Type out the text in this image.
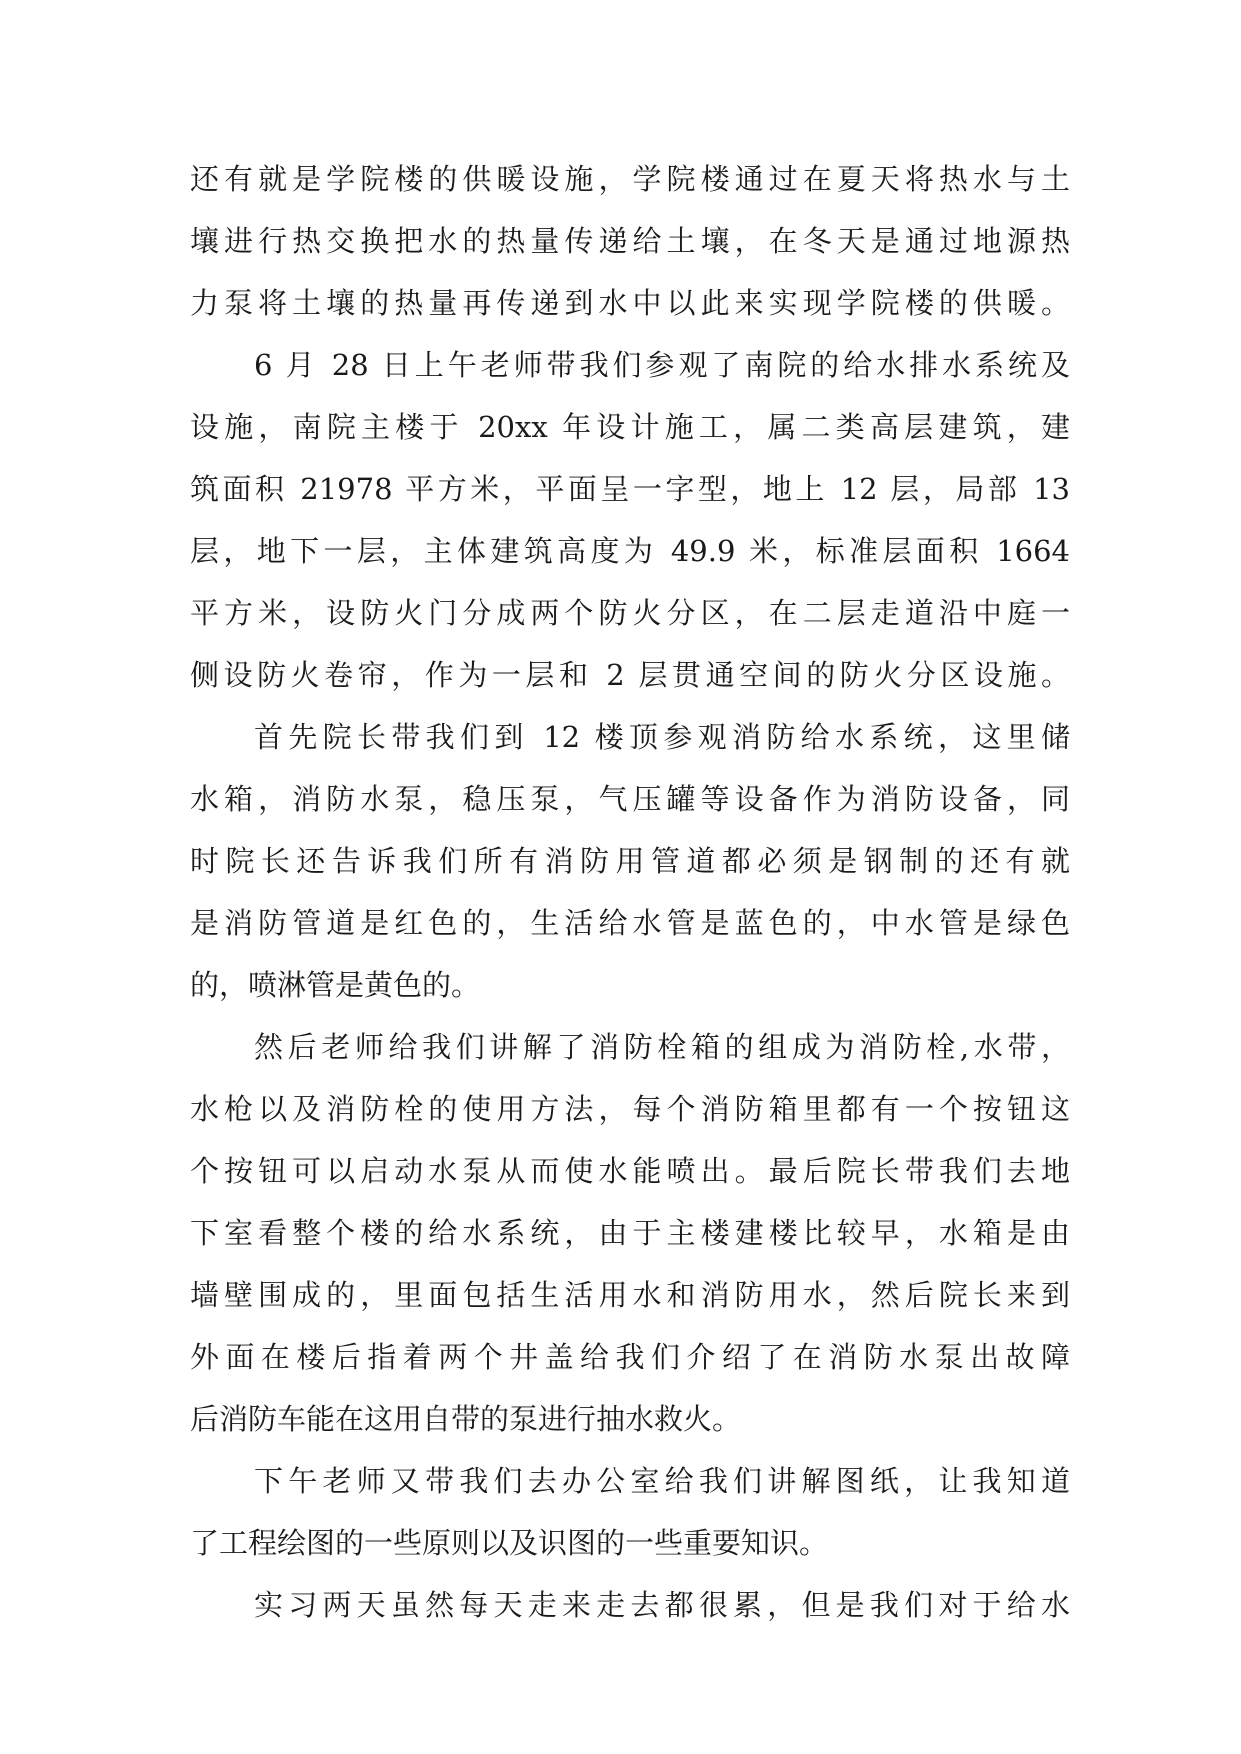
还有就是学院楼的供暖设施，学院楼通过在夏天将热水与土
壤进行热交换把水的热量传递给土壤，在冬天是通过地源热
力泵将土壤的热量再传递到水中以此来实现学院楼的供暖。
6 月 28 日上午老师带我们参观了南院的给水排水系统及
设施，南院主楼于 20xx 年设计施工，属二类高层建筑，建
筑面积 21978 平方米，平面呈一字型，地上 12 层，局部 13
层，地下一层，主体建筑高度为 49.9 米，标准层面积 1664
平方米，设防火门分成两个防火分区，在二层走道沿中庭一
侧设防火卷帘，作为一层和 2 层贯通空间的防火分区设施。
首先院长带我们到 12 楼顶参观消防给水系统，这里储
水箱，消防水泵，稳压泵，气压罐等设备作为消防设备，同
时院长还告诉我们所有消防用管道都必须是钢制的还有就
是消防管道是红色的，生活给水管是蓝色的，中水管是绿色
的，喷淋管是黄色的。
然后老师给我们讲解了消防栓箱的组成为消防栓,水带，
水枪以及消防栓的使用方法，每个消防箱里都有一个按钮这
个按钮可以启动水泵从而使水能喷出。最后院长带我们去地
下室看整个楼的给水系统，由于主楼建楼比较早，水箱是由
墙壁围成的，里面包括生活用水和消防用水，然后院长来到
外面在楼后指着两个井盖给我们介绍了在消防水泵出故障
后消防车能在这用自带的泵进行抽水救火。
下午老师又带我们去办公室给我们讲解图纸，让我知道
了工程绘图的一些原则以及识图的一些重要知识。
实习两天虽然每天走来走去都很累，但是我们对于给水
